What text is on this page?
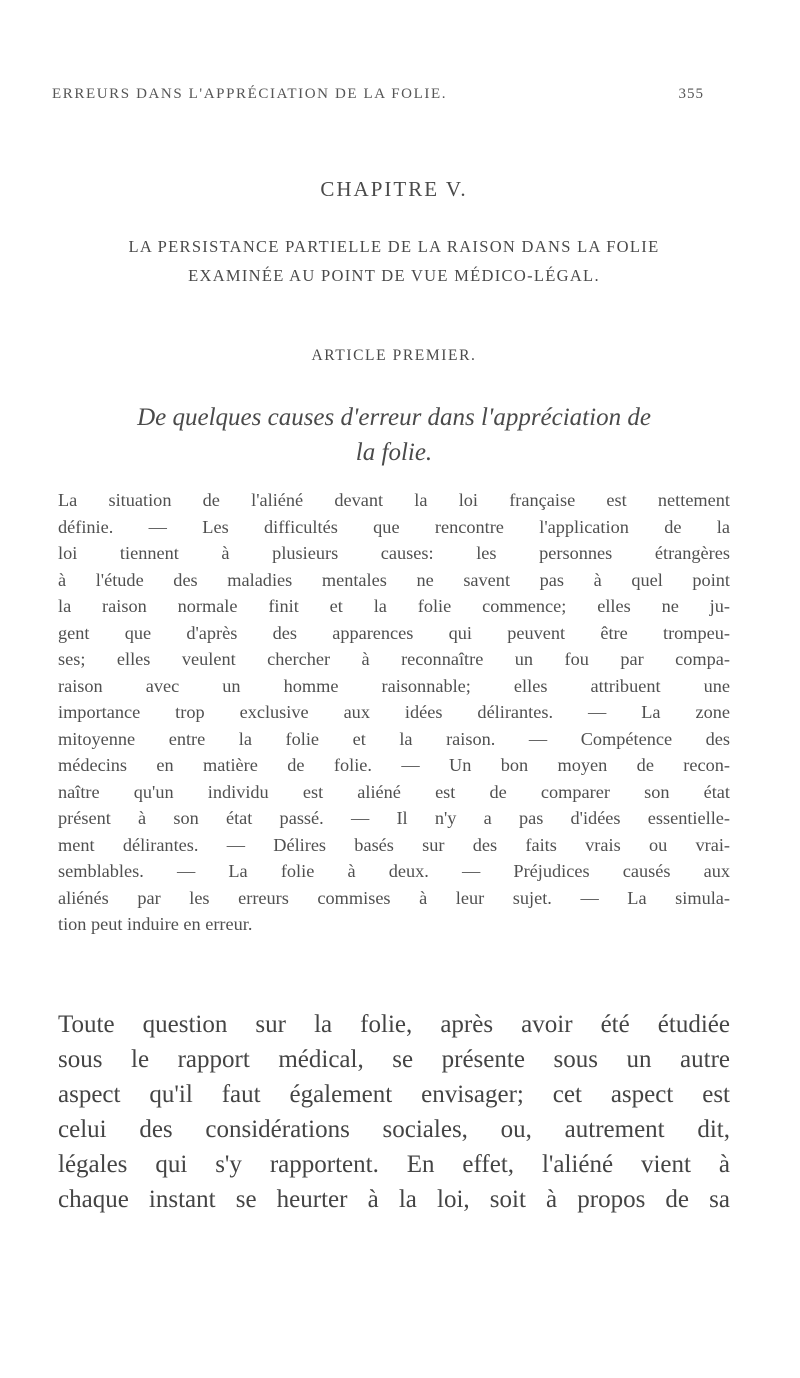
ERREURS DANS L'APPRÉCIATION DE LA FOLIE.	355
CHAPITRE V.
LA PERSISTANCE PARTIELLE DE LA RAISON DANS LA FOLIE
EXAMINÉE AU POINT DE VUE MÉDICO-LÉGAL.
ARTICLE PREMIER.
De quelques causes d'erreur dans l'appréciation de
la folie.
La situation de l'aliéné devant la loi française est nettement
définie. — Les difficultés que rencontre l'application de la
loi tiennent à plusieurs causes: les personnes étrangères
à l'étude des maladies mentales ne savent pas à quel point
la raison normale finit et la folie commence; elles ne ju-
gent que d'après des apparences qui peuvent être trompeu-
ses; elles veulent chercher à reconnaître un fou par compa-
raison avec un homme raisonnable; elles attribuent une
importance trop exclusive aux idées délirantes. — La zone
mitoyenne entre la folie et la raison. — Compétence des
médecins en matière de folie. — Un bon moyen de recon-
naître qu'un individu est aliéné est de comparer son état
présent à son état passé. — Il n'y a pas d'idées essentielle-
ment délirantes. — Délires basés sur des faits vrais ou vrai-
semblables. — La folie à deux. — Préjudices causés aux
aliénés par les erreurs commises à leur sujet. — La simula-
tion peut induire en erreur.
Toute question sur la folie, après avoir été étudiée
sous le rapport médical, se présente sous un autre
aspect qu'il faut également envisager; cet aspect est
celui des considérations sociales, ou, autrement dit,
légales qui s'y rapportent. En effet, l'aliéné vient à
chaque instant se heurter à la loi, soit à propos de sa
